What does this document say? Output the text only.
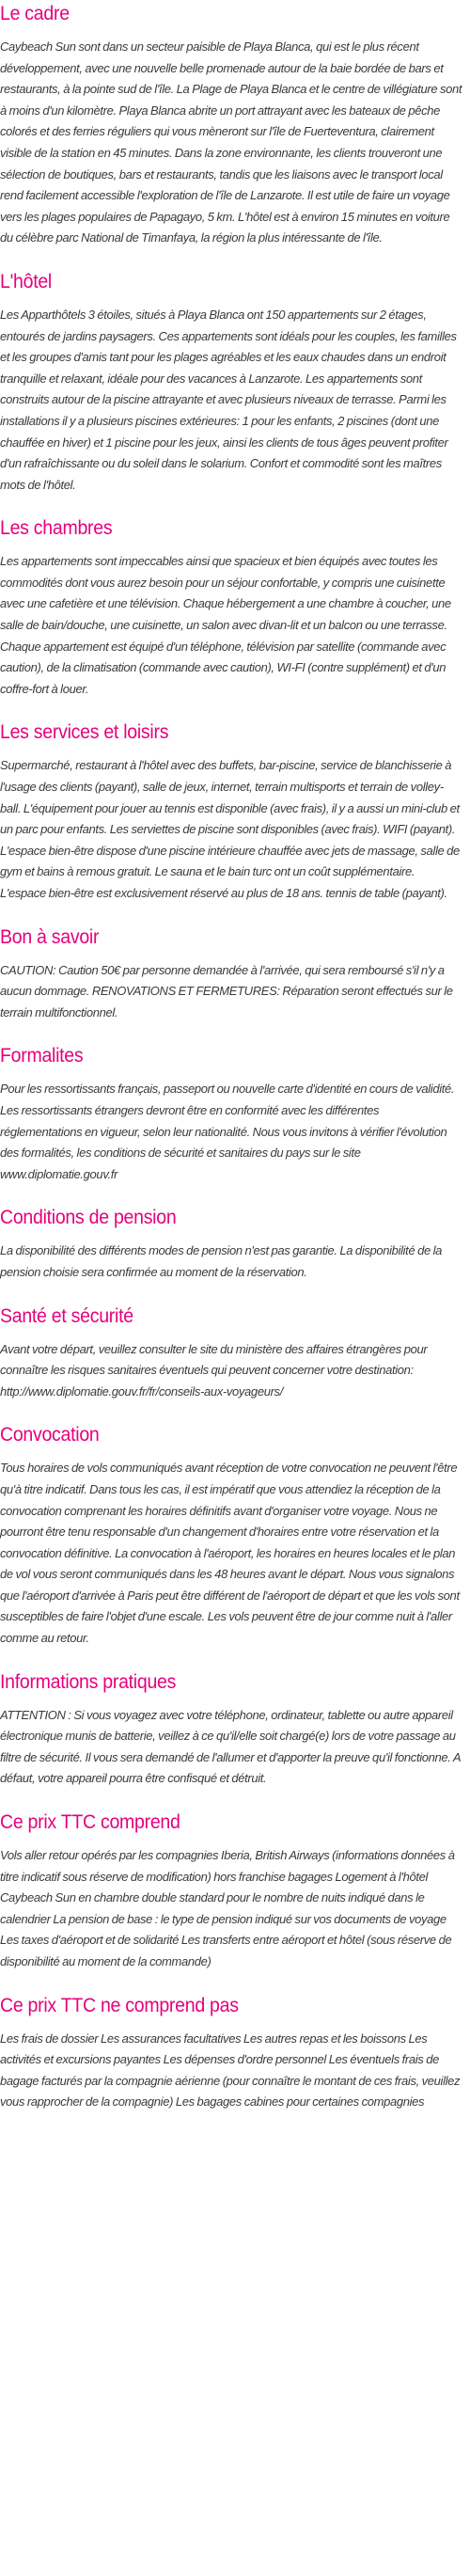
Le cadre

Caybeach Sun sont dans un secteur paisible de Playa Blanca, qui est le plus récent développement, avec une nouvelle belle promenade autour de la baie bordée de bars et restaurants, à la pointe sud de l'île. La Plage de Playa Blanca et le centre de villégiature sont à moins d'un kilomètre. Playa Blanca abrite un port attrayant avec les bateaux de pêche colorés et des ferries réguliers qui vous mèneront sur l'île de Fuerteventura, clairement visible de la station en 45 minutes. Dans la zone environnante, les clients trouveront une sélection de boutiques, bars et restaurants, tandis que les liaisons avec le transport local rend facilement accessible l'exploration de l'île de Lanzarote. Il est utile de faire un voyage vers les plages populaires de Papagayo, 5 km. L'hôtel est à environ 15 minutes en voiture du célèbre parc National de Timanfaya, la région la plus intéressante de l'île.

L'hôtel

Les Apparthôtels 3 étoiles, situés à Playa Blanca ont 150 appartements sur 2 étages, entourés de jardins paysagers. Ces appartements sont idéals pour les couples, les familles et les groupes d'amis tant pour les plages agréables et les eaux chaudes dans un endroit tranquille et relaxant, idéale pour des vacances à Lanzarote. Les appartements sont construits autour de la piscine attrayante et avec plusieurs niveaux de terrasse. Parmi les installations il y a plusieurs piscines extérieures: 1 pour les enfants, 2 piscines (dont une chauffée en hiver) et 1 piscine pour les jeux, ainsi les clients de tous âges peuvent profiter d'un rafraîchissante ou du soleil dans le solarium. Confort et commodité sont les maîtres mots de l'hôtel.

Les chambres

Les appartements sont impeccables ainsi que spacieux et bien équipés avec toutes les commodités dont vous aurez besoin pour un séjour confortable, y compris une cuisinette avec une cafetière et une télévision. Chaque hébergement a une chambre à coucher, une salle de bain/douche, une cuisinette, un salon avec divan-lit et un balcon ou une terrasse. Chaque appartement est équipé d'un téléphone, télévision par satellite (commande avec caution), de la climatisation (commande avec caution), WI-FI (contre supplément) et d'un coffre-fort à louer.

Les services et loisirs

Supermarché, restaurant à l'hôtel avec des buffets, bar-piscine, service de blanchisserie à l'usage des clients (payant), salle de jeux, internet, terrain multisports et terrain de volley-ball. L'équipement pour jouer au tennis est disponible (avec frais), il y a aussi un mini-club et un parc pour enfants. Les serviettes de piscine sont disponibles (avec frais). WIFI (payant). L'espace bien-être dispose d'une piscine intérieure chauffée avec jets de massage, salle de gym et bains à remous gratuit. Le sauna et le bain turc ont un coût supplémentaire. L'espace bien-être est exclusivement réservé au plus de 18 ans. tennis de table (payant).

Bon à savoir

CAUTION: Caution 50€ par personne demandée à l'arrivée, qui sera remboursé s'il n'y a aucun dommage. RENOVATIONS ET FERMETURES: Réparation seront effectués sur le terrain multifonctionnel.

Formalites

Pour les ressortissants français, passeport ou nouvelle carte d'identité en cours de validité. Les ressortissants étrangers devront être en conformité avec les différentes réglementations en vigueur, selon leur nationalité. Nous vous invitons à vérifier l'évolution des formalités, les conditions de sécurité et sanitaires du pays sur le site www.diplomatie.gouv.fr

Conditions de pension

La disponibilité des différents modes de pension n'est pas garantie. La disponibilité de la pension choisie sera confirmée au moment de la réservation.

Santé et sécurité

Avant votre départ, veuillez consulter le site du ministère des affaires étrangères pour connaître les risques sanitaires éventuels qui peuvent concerner votre destination: http://www.diplomatie.gouv.fr/fr/conseils-aux-voyageurs/

Convocation

Tous horaires de vols communiqués avant réception de votre convocation ne peuvent l'être qu'à titre indicatif. Dans tous les cas, il est impératif que vous attendiez la réception de la convocation comprenant les horaires définitifs avant d'organiser votre voyage. Nous ne pourront être tenu responsable d'un changement d'horaires entre votre réservation et la convocation définitive. La convocation à l'aéroport, les horaires en heures locales et le plan de vol vous seront communiqués dans les 48 heures avant le départ. Nous vous signalons que l'aéroport d'arrivée à Paris peut être différent de l'aéroport de départ et que les vols sont susceptibles de faire l'objet d'une escale. Les vols peuvent être de jour comme nuit à l'aller comme au retour.

Informations pratiques

ATTENTION : Si vous voyagez avec votre téléphone, ordinateur, tablette ou autre appareil électronique munis de batterie, veillez à ce qu'il/elle soit chargé(e) lors de votre passage au filtre de sécurité. Il vous sera demandé de l'allumer et d'apporter la preuve qu'il fonctionne. A défaut, votre appareil pourra être confisqué et détruit.

Ce prix TTC comprend

Vols aller retour opérés par les compagnies Iberia, British Airways (informations données à titre indicatif sous réserve de modification) hors franchise bagages Logement à l'hôtel Caybeach Sun en chambre double standard pour le nombre de nuits indiqué dans le calendrier La pension de base : le type de pension indiqué sur vos documents de voyage Les taxes d'aéroport et de solidarité Les transferts entre aéroport et hôtel (sous réserve de disponibilité au moment de la commande)

Ce prix TTC ne comprend pas

Les frais de dossier Les assurances facultatives Les autres repas et les boissons Les activités et excursions payantes Les dépenses d'ordre personnel Les éventuels frais de bagage facturés par la compagnie aérienne (pour connaître le montant de ces frais, veuillez vous rapprocher de la compagnie) Les bagages cabines pour certaines compagnies
